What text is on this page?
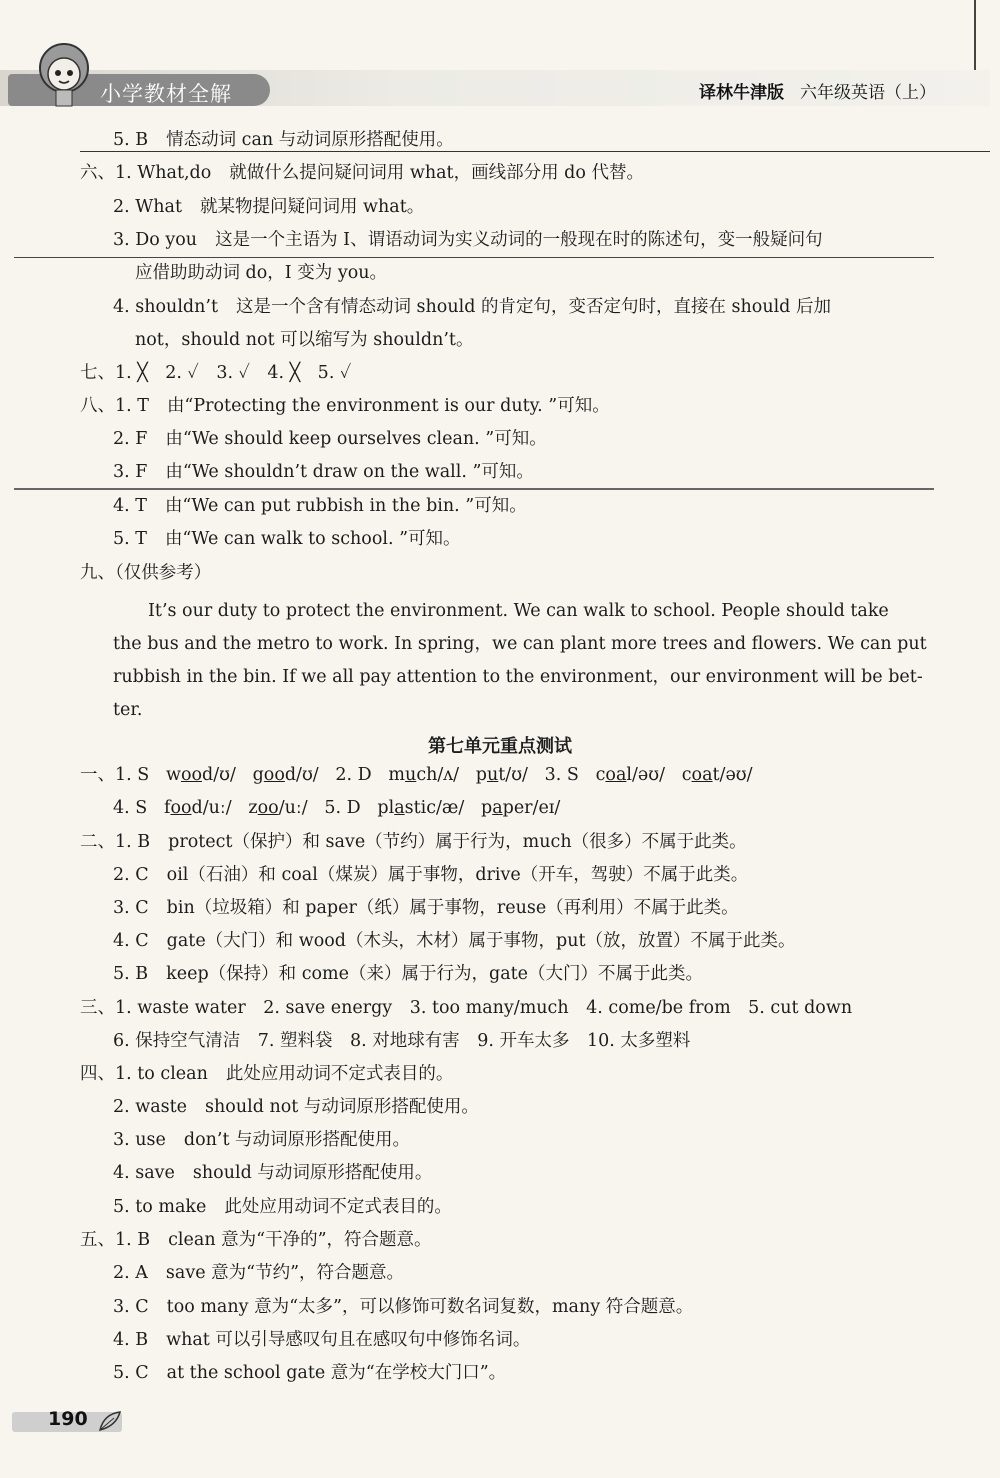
小学教材全解	译林牛津版 六年级英语（上）
5. B 情态动词 can 与动词原形搭配使用。
六、1. What,do 就做什么提问疑问词用 what，画线部分用 do 代替。
2. What 就某物提问疑问词用 what。
3. Do you 这是一个主语为 I、谓语动词为实义动词的一般现在时的陈述句，变一般疑问句
应借助助动词 do，I 变为 you。
4. shouldn’t 这是一个含有情态动词 should 的肯定句，变否定句时，直接在 should 后加
not，should not 可以缩写为 shouldn’t。
七、1. ╳　2. ✓　3. ✓　4. ╳　5. ✓
八、1. T 由“Protecting the environment is our duty. ”可知。
2. F 由“We should keep ourselves clean. ”可知。
3. F 由“We shouldn’t draw on the wall. ”可知。
4. T 由“We can put rubbish in the bin. ”可知。
5. T 由“We can walk to school. ”可知。
九、（仅供参考）
　　It’s our duty to protect the environment. We can walk to school. People should take
the bus and the metro to work. In spring，we can plant more trees and flowers. We can put
rubbish in the bin. If we all pay attention to the environment，our environment will be bet-
ter.
第七单元重点测试
一、1. S wood/ʊ/ good/ʊ/ 2. D much/ʌ/ put/ʊ/ 3. S coal/əʊ/ coat/əʊ/
4. S food/uː/ zoo/uː/ 5. D plastic/æ/ paper/eɪ/
二、1. B protect（保护）和 save（节约）属于行为，much（很多）不属于此类。
2. C oil（石油）和 coal（煤炭）属于事物，drive（开车，驾驶）不属于此类。
3. C bin（垃圾箱）和 paper（纸）属于事物，reuse（再利用）不属于此类。
4. C gate（大门）和 wood（木头，木材）属于事物，put（放，放置）不属于此类。
5. B keep（保持）和 come（来）属于行为，gate（大门）不属于此类。
三、1. waste water　2. save energy　3. too many/much　4. come/be from　5. cut down
6. 保持空气清洁　7. 塑料袋　8. 对地球有害　9. 开车太多　10. 太多塑料
四、1. to clean 此处应用动词不定式表目的。
2. waste should not 与动词原形搭配使用。
3. use don’t 与动词原形搭配使用。
4. save should 与动词原形搭配使用。
5. to make 此处应用动词不定式表目的。
五、1. B clean 意为“干净的”，符合题意。
2. A save 意为“节约”，符合题意。
3. C too many 意为“太多”，可以修饰可数名词复数，many 符合题意。
4. B what 可以引导感叹句且在感叹句中修饰名词。
5. C at the school gate 意为“在学校大门口”。
190
